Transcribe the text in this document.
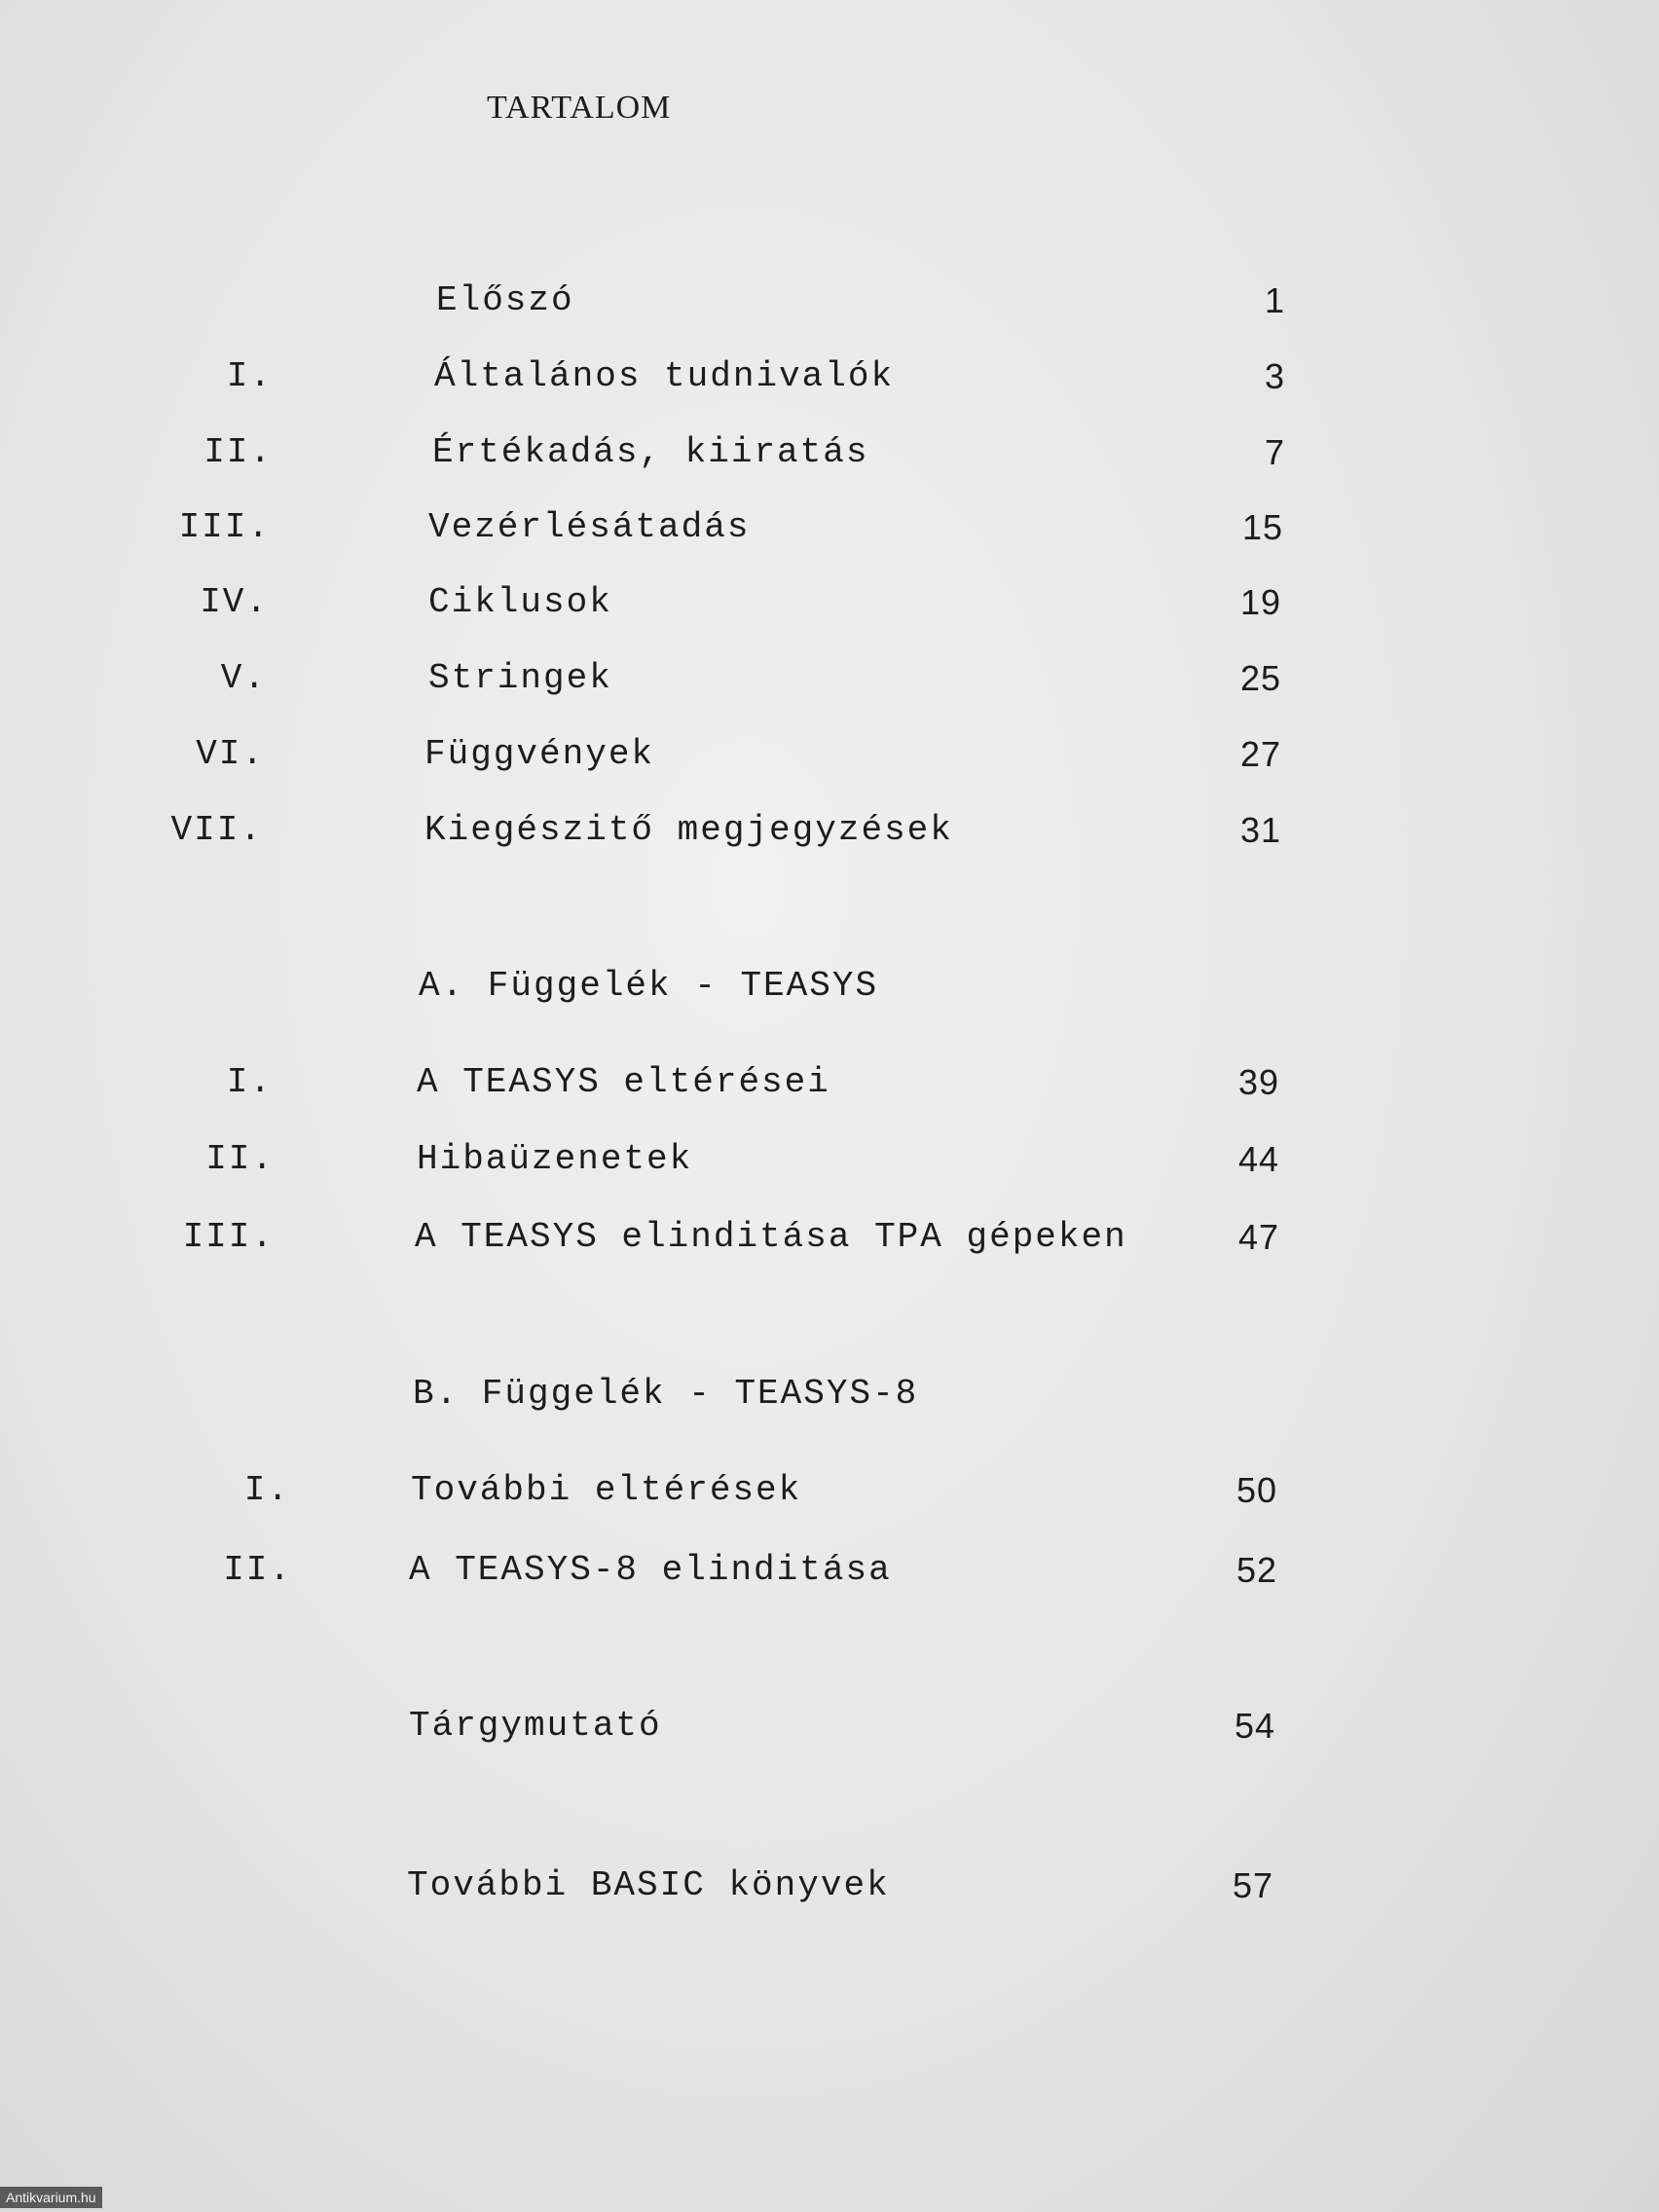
TARTALOM
Előszó	1
I.	Általános tudnivalók	3
II.	Értékadás, kiiratás	7
III.	Vezérlésátadás	15
IV.	Ciklusok	19
V.	Stringek	25
VI.	Függvények	27
VII.	Kiegészitő megjegyzések	31
A. Függelék - TEASYS
I.	A TEASYS eltérései	39
II.	Hibaüzenetek	44
III.	A TEASYS elinditása TPA gépeken	47
B. Függelék - TEASYS-8
I.	További eltérések	50
II.	A TEASYS-8 elinditása	52
Tárgymutató	54
További BASIC könyvek	57
Antikvarium.hu
